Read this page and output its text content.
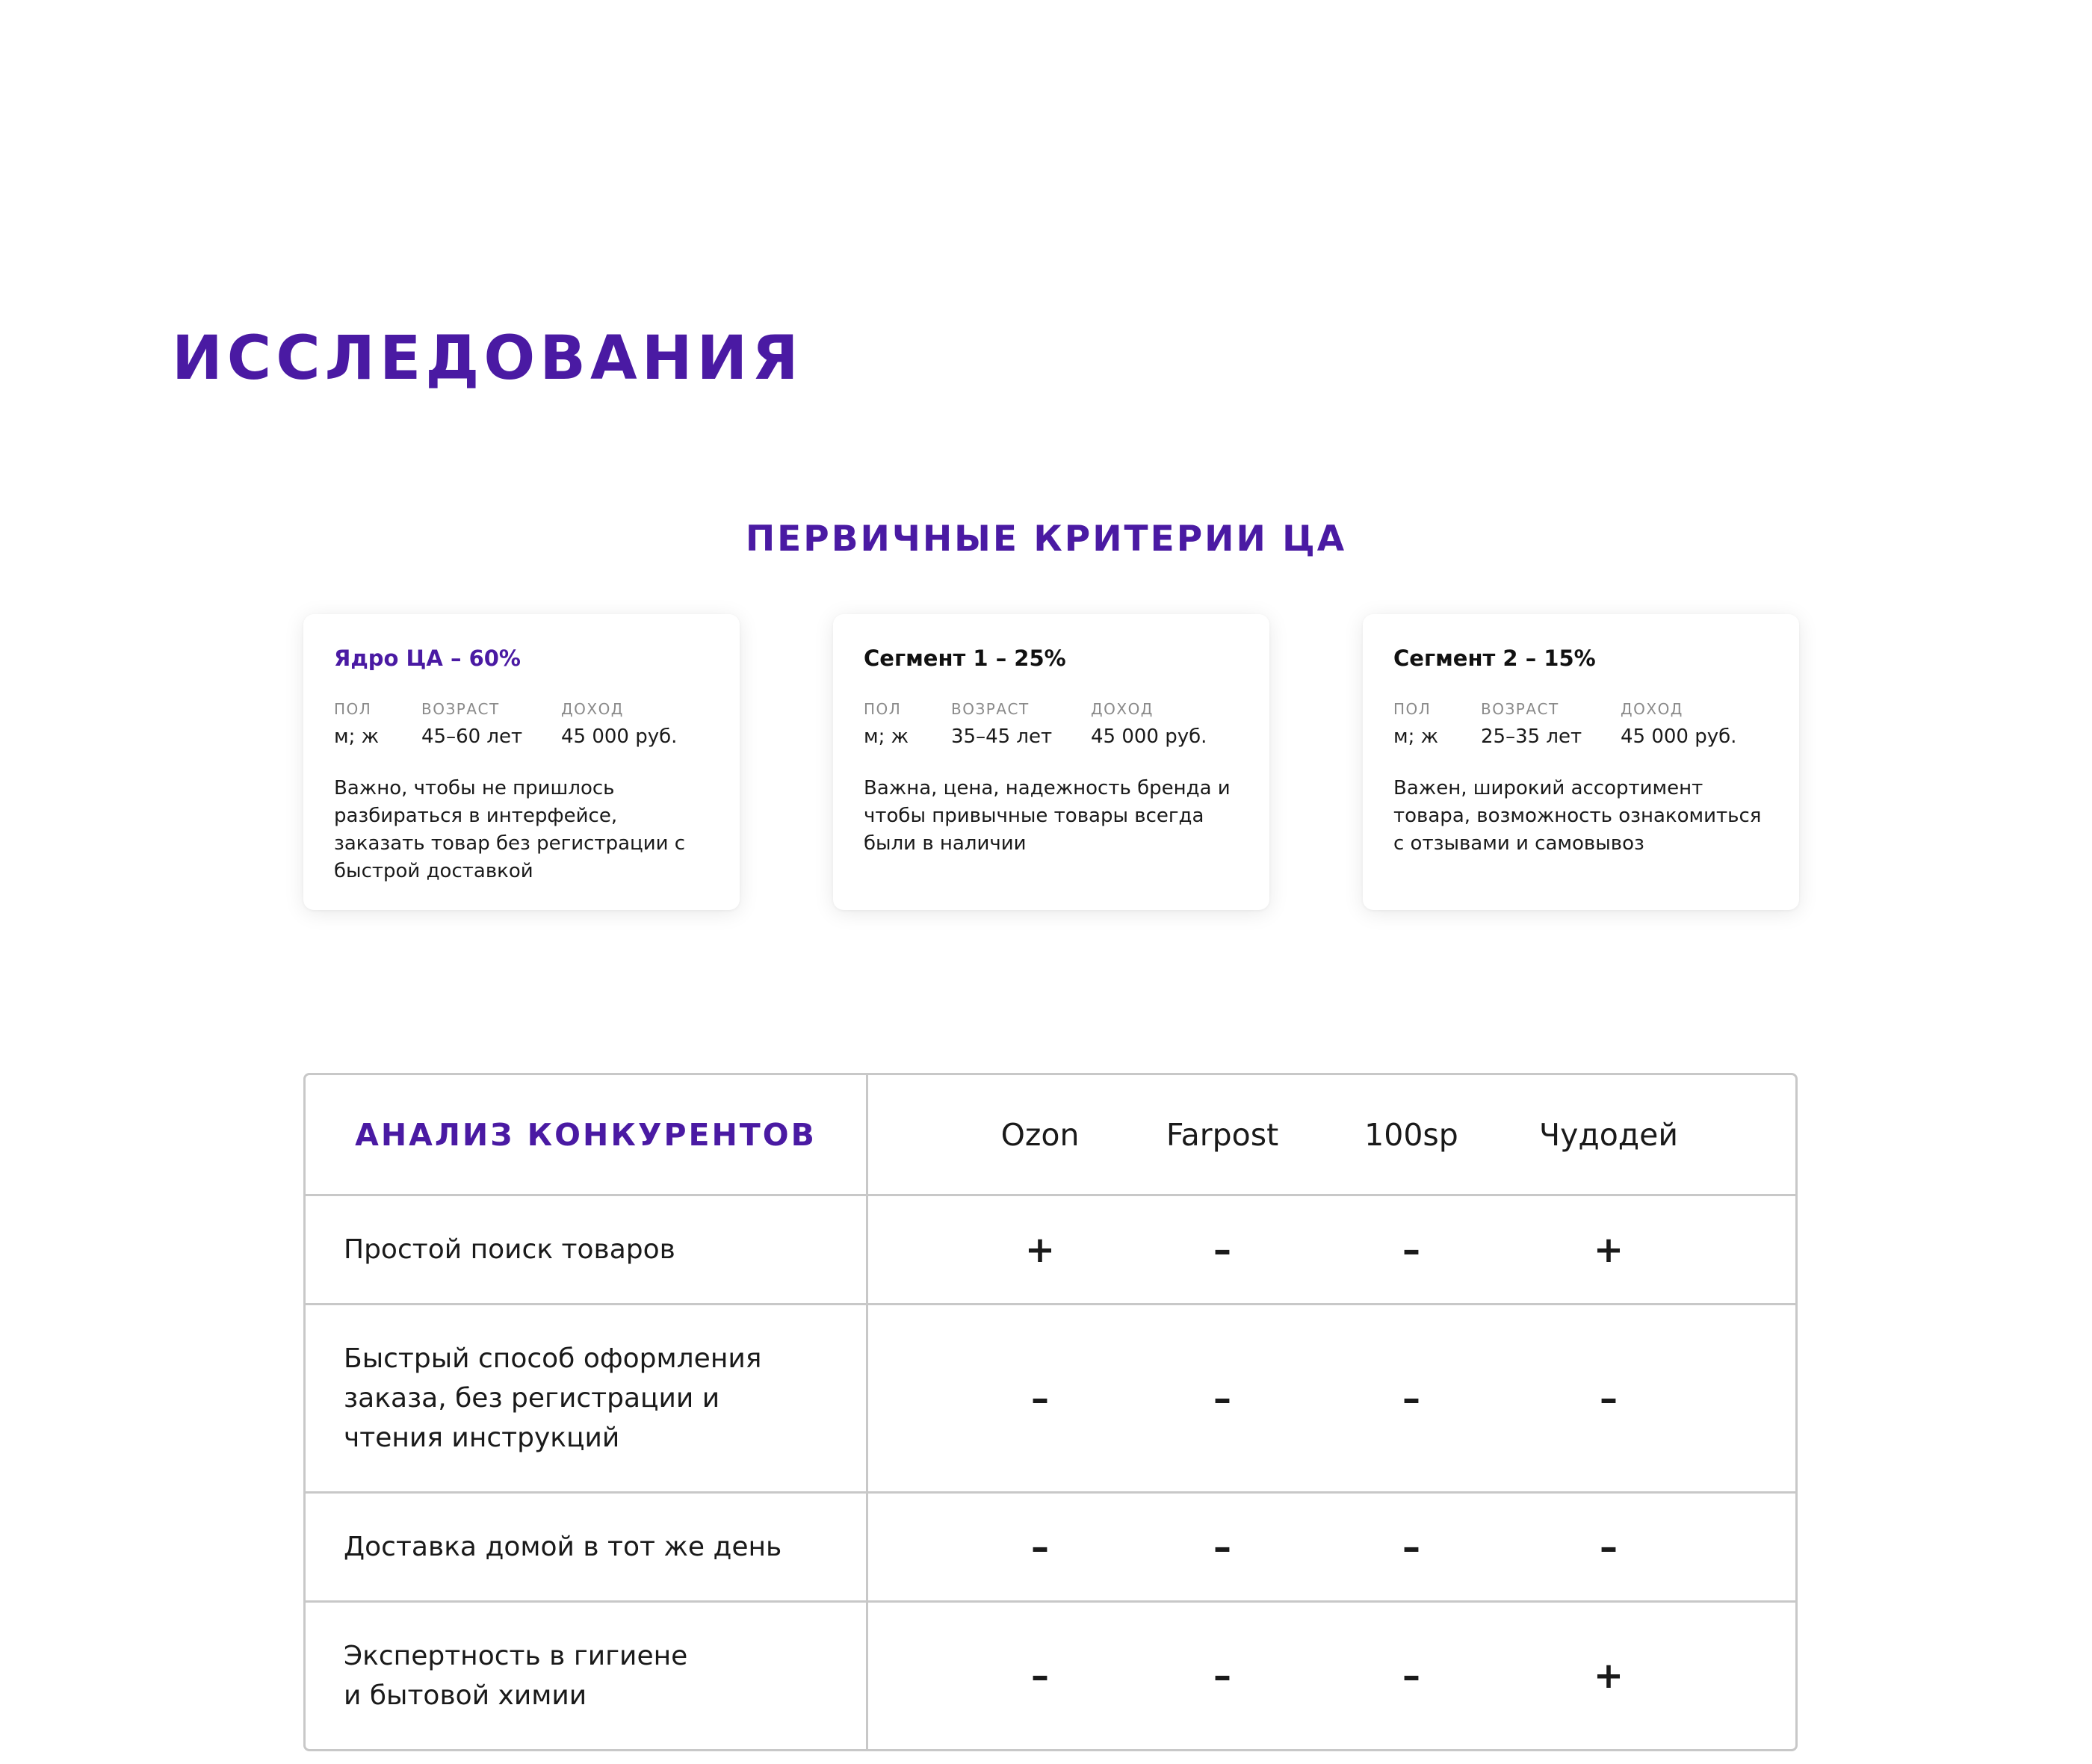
ИССЛЕДОВАНИЯ
ПЕРВИЧНЫЕ КРИТЕРИИ ЦА

Ядро ЦА – 60%

ПОЛ
м; ж
ВОЗРАСТ
45–60 лет
ДОХОД
45 000 руб.
Важно, чтобы не пришлось разбираться в интерфейсе, заказать товар без регистрации с быстрой доставкой

Сегмент 1 – 25%

ПОЛ
м; ж
ВОЗРАСТ
35–45 лет
ДОХОД
45 000 руб.
Важна, цена, надежность бренда и чтобы привычные товары всегда были в наличии

Сегмент 2 – 15%

ПОЛ
м; ж
ВОЗРАСТ
25–35 лет
ДОХОД
45 000 руб.
Важен, широкий ассортимент товара, возможность ознакомиться с отзывами и самовывоз
АНАЛИЗ КОНКУРЕНТОВ	Ozon	Farpost	100sp	Чудодей
Простой поиск товаров	+	–	–	+
Быстрый способ оформления
заказа, без регистрации и
чтения инструкций
–	–	–	–
Доставка домой в тот же день	–	–	–	–
Экспертность в гигиене
и бытовой химии	–	–	–	+
